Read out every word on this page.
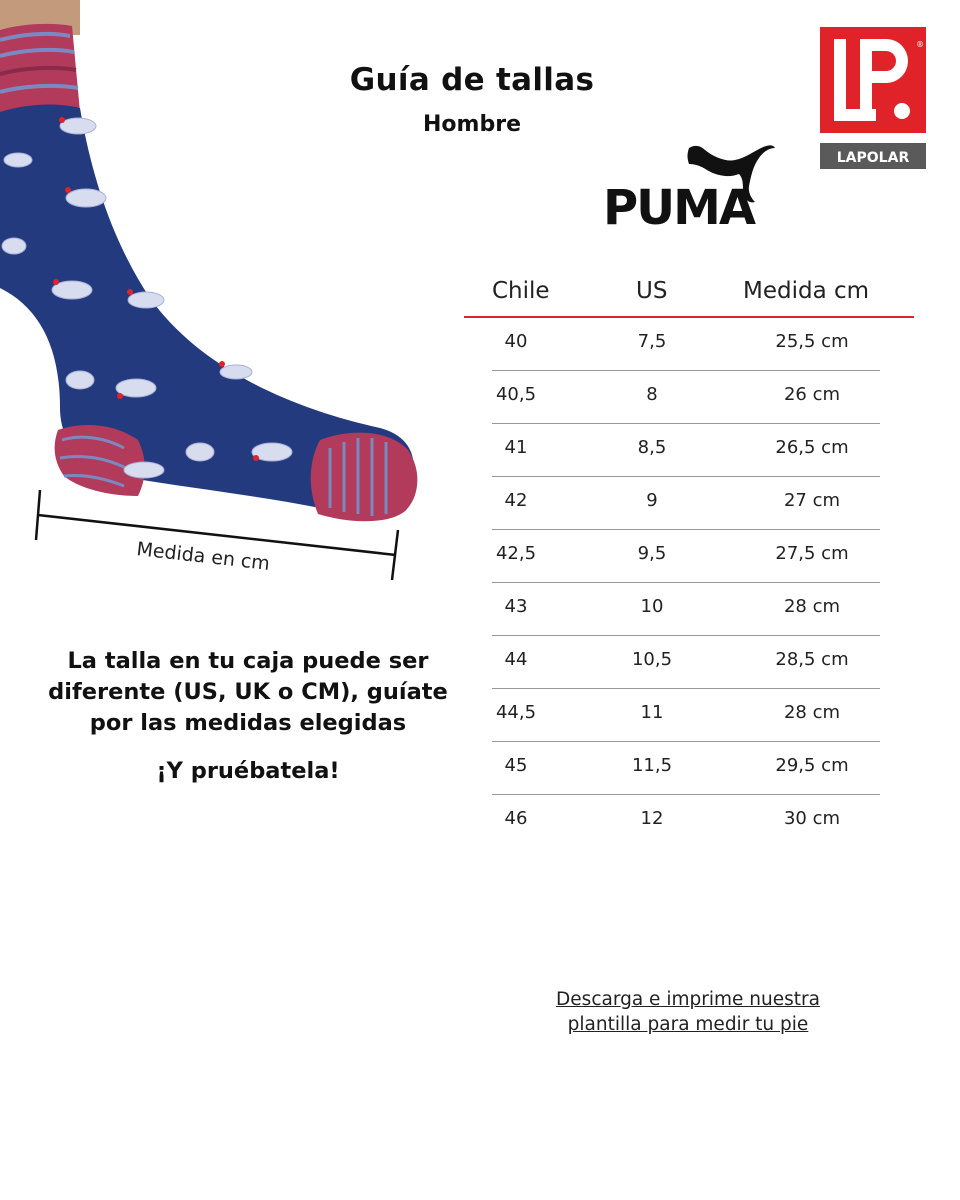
Guía de tallas
Hombre
®
LAPOLAR
PUMA
Medida en cm
Chile	US	Medida cm
40	7,5	25,5 cm
40,5	8	26 cm
41	8,5	26,5 cm
42	9	27 cm
42,5	9,5	27,5 cm
43	10	28 cm
44	10,5	28,5 cm
44,5	11	28 cm
45	11,5	29,5 cm
46	12	30 cm
La talla en tu caja puede ser diferente (US, UK o CM), guíate por las medidas elegidas
¡Y pruébatela!
Descarga e imprime nuestra
plantilla para medir tu pie
